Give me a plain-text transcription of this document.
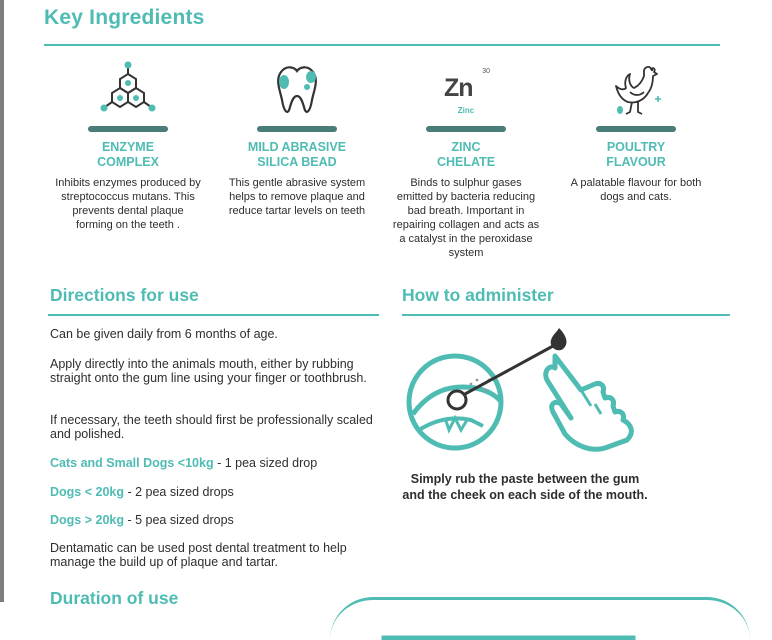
Key Ingredients
ENZYME
COMPLEX
Inhibits enzymes produced by streptococcus mutans. This prevents dental plaque forming on the teeth .
MILD ABRASIVE
SILICA BEAD
This gentle abrasive system helps to remove plaque and reduce tartar levels on teeth
30
Zn
Zinc
ZINC
CHELATE
Binds to sulphur gases emitted by bacteria reducing bad breath. Important in repairing collagen and acts as a catalyst in the peroxidase system
POULTRY
FLAVOUR
A palatable flavour for both dogs and cats.
Directions for use
Can be given daily from 6 months of age.
Apply directly into the animals mouth, either by rubbing straight onto the gum line using your finger or toothbrush.
If necessary, the teeth should first be professionally scaled and polished.
Cats and Small Dogs <10kg - 1 pea sized drop
Dogs < 20kg - 2 pea sized drops
Dogs > 20kg - 5 pea sized drops
Dentamatic can be used post dental treatment to help manage the build up of plaque and tartar.
Duration of use
How to administer
Simply rub the paste between the gum and the cheek on each side of the mouth.
